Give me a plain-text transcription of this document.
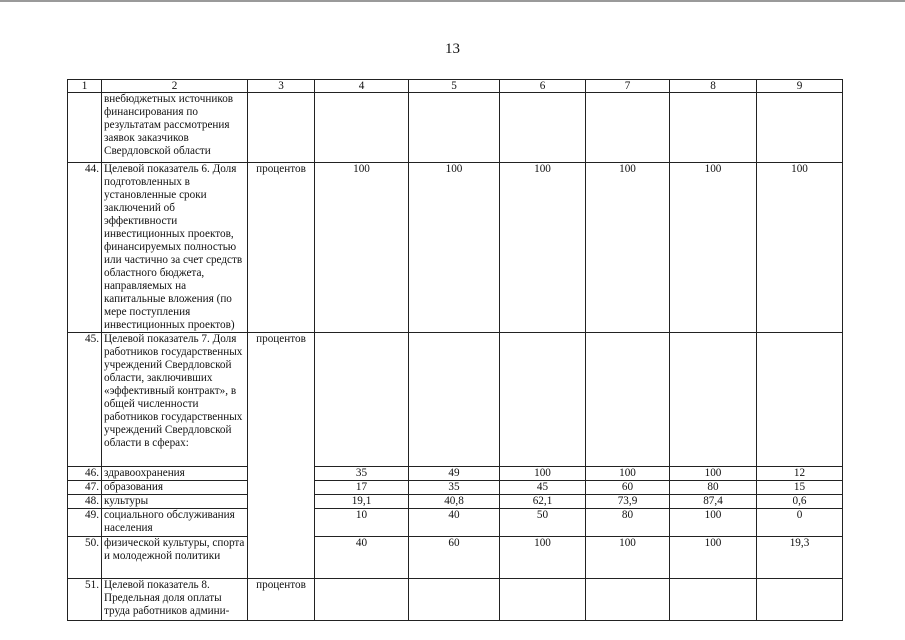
13
1	2	3	4	5	6	7	8	9
	внебюджетных источников финансирования по результатам рассмотрения заявок заказчиков Свердловской области							
44.	Целевой показатель 6. Доля подготовленных в установленные сроки заключений об эффективности инвестиционных проектов, финансируемых полностью или частично за счет средств областного бюджета, направляемых на капитальные вложения (по мере поступления инвестиционных проектов)	процентов	100	100	100	100	100	100
45.	Целевой показатель 7. Доля работников государственных учреждений Свердловской области, заключивших «эффективный контракт», в общей численности работников государственных учреждений Свердловской области в сферах:	процентов						
46.	здравоохранения		35	49	100	100	100	12
47.	образования		17	35	45	60	80	15
48.	культуры		19,1	40,8	62,1	73,9	87,4	0,6
49.	социального обслуживания населения		10	40	50	80	100	0
50.	физической культуры, спорта и молодежной политики		40	60	100	100	100	19,3
51.	Целевой показатель 8. Предельная доля оплаты труда работников админи-	процентов						
